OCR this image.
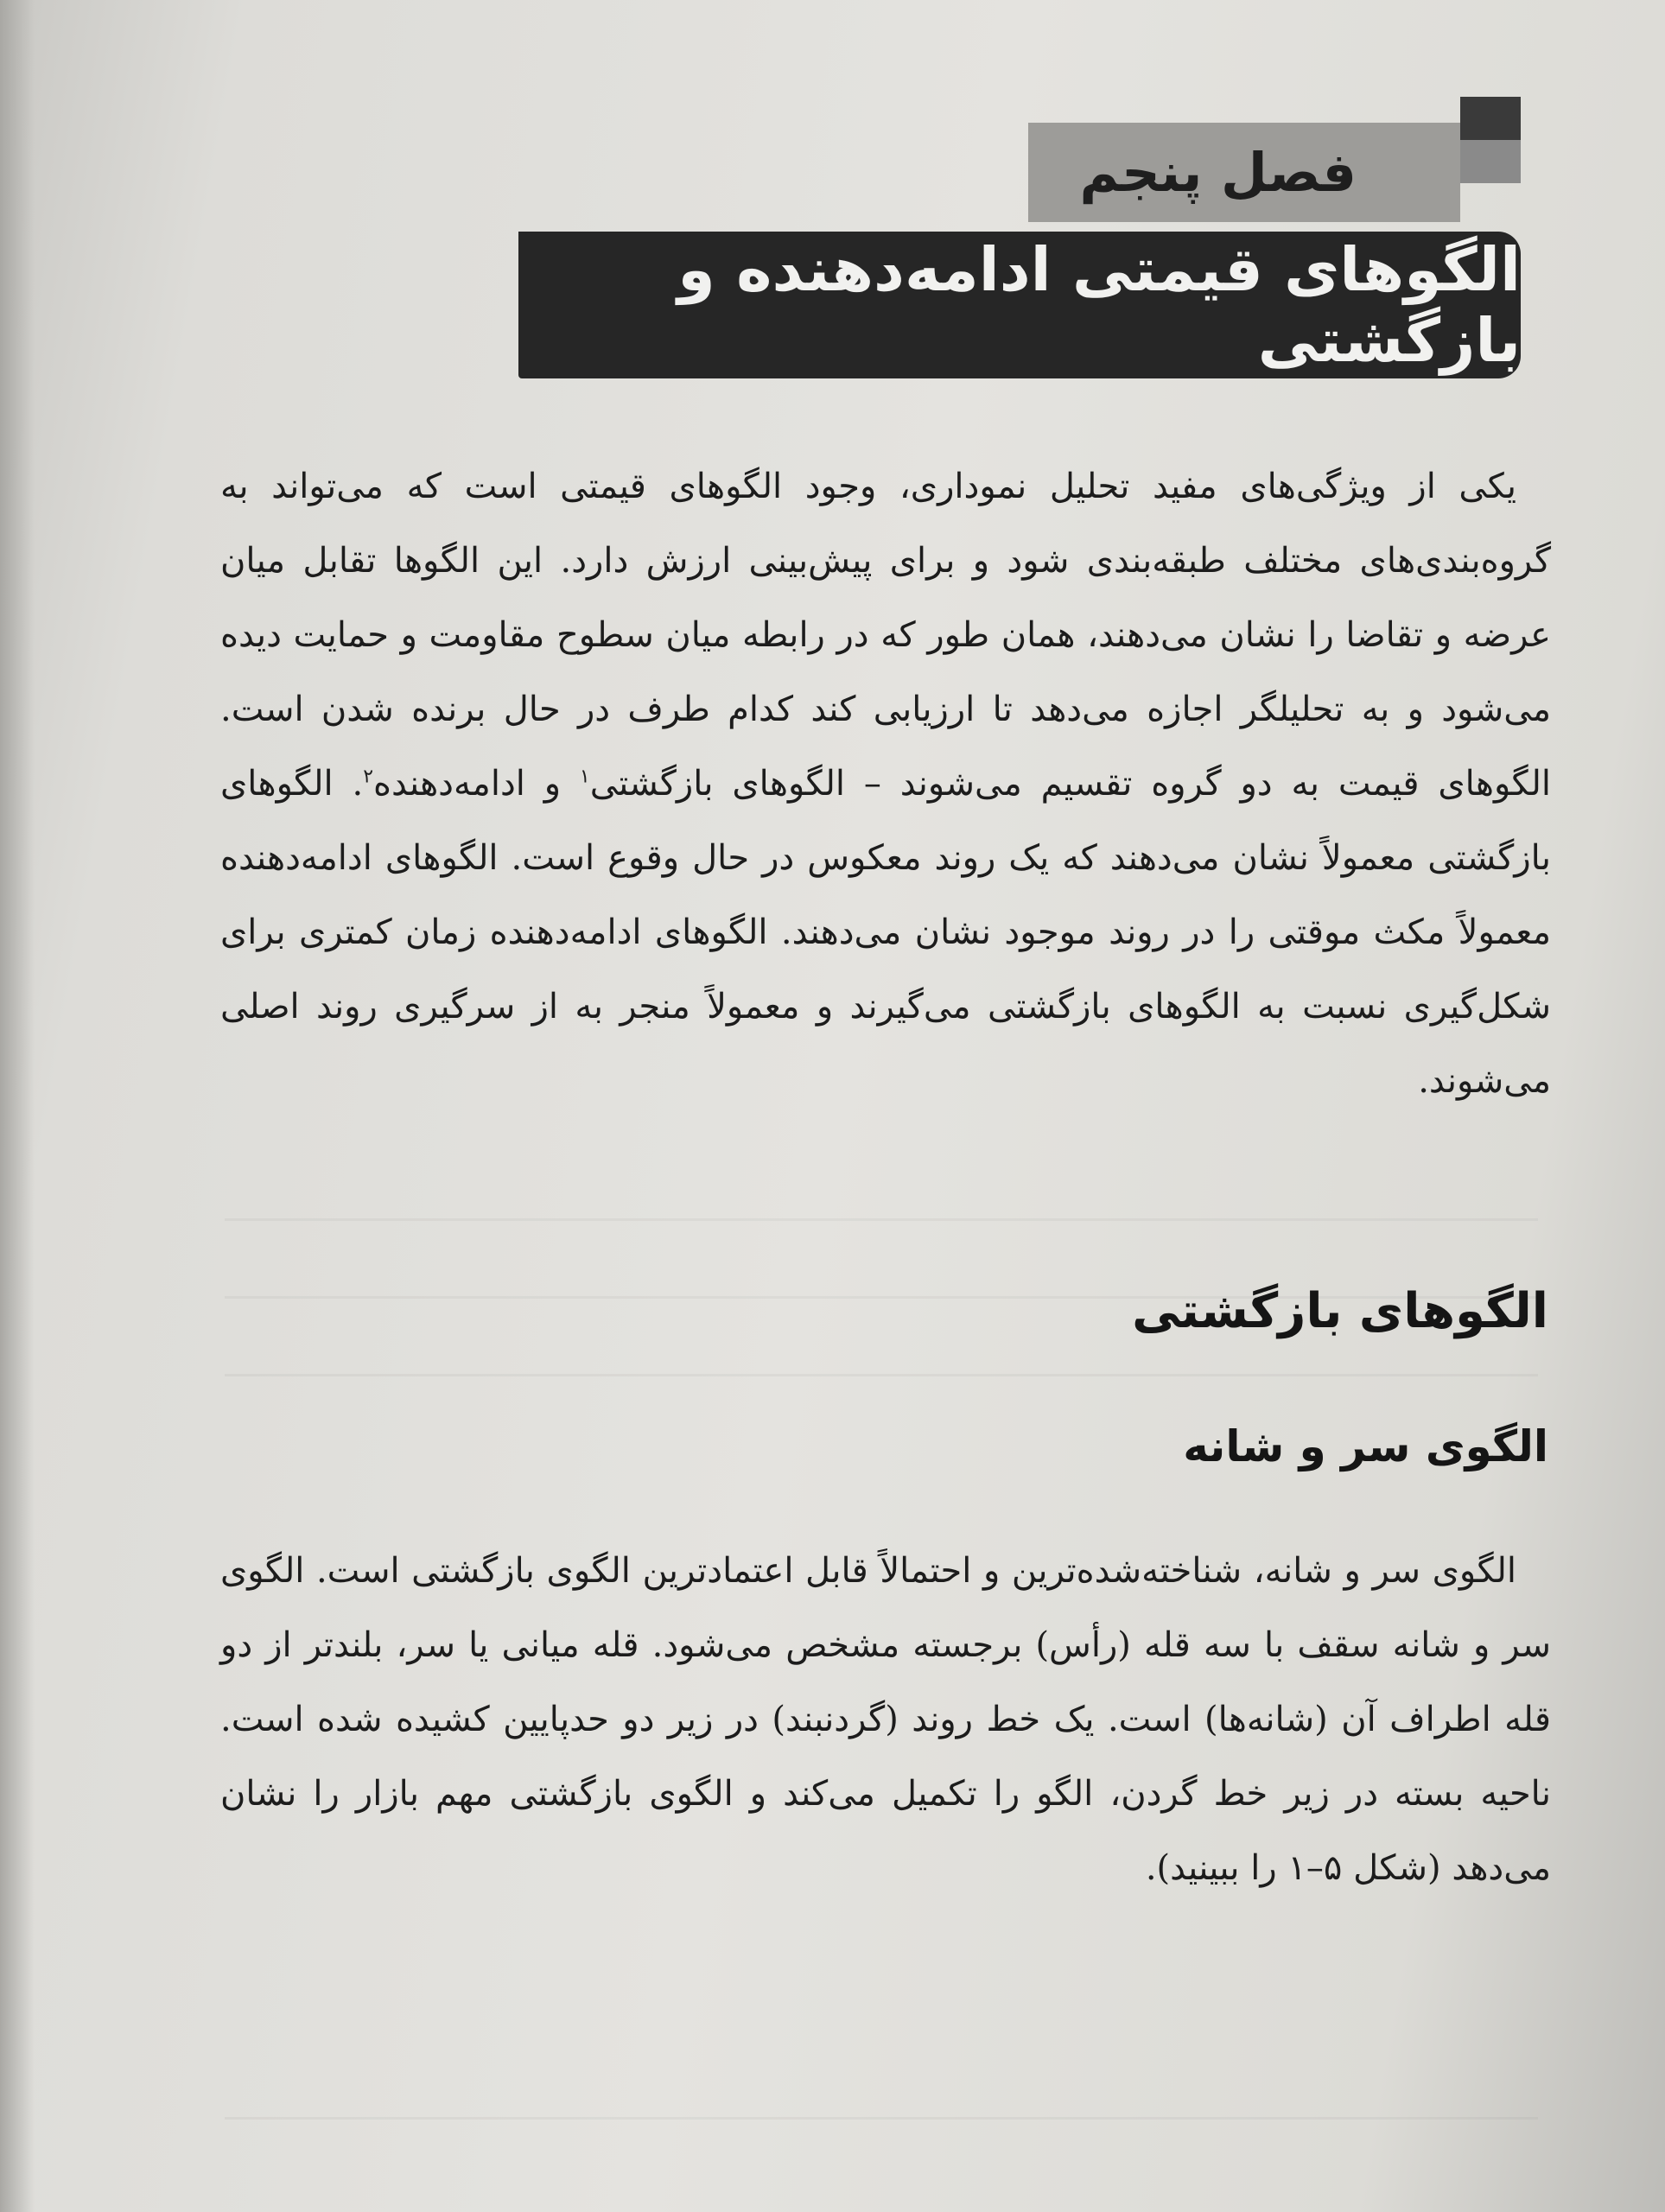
فصل پنجم
الگوهای قیمتی ادامه‌دهنده و بازگشتی

یکی از ویژگی‌های مفید تحلیل نموداری، وجود الگوهای قیمتی است که می‌تواند به گروه‌بندی‌های مختلف طبقه‌بندی شود و برای پیش‌بینی ارزش دارد. این الگوها تقابل میان عرضه و تقاضا را نشان می‌دهند، همان طور که در رابطه میان سطوح مقاومت و حمایت دیده می‌شود و به تحلیلگر اجازه می‌دهد تا ارزیابی کند کدام طرف در حال برنده شدن است. الگوهای قیمت به دو گروه تقسیم می‌شوند – الگوهای بازگشتی$^۱$ و ادامه‌دهنده$^۲$. الگوهای بازگشتی معمولاً نشان می‌دهند که یک روند معکوس در حال وقوع است. الگوهای ادامه‌دهنده معمولاً مکث موقتی را در روند موجود نشان می‌دهند. الگوهای ادامه‌دهنده زمان کمتری برای شکل‌گیری نسبت به الگوهای بازگشتی می‌گیرند و معمولاً منجر به از سرگیری روند اصلی می‌شوند.

الگوهای بازگشتی
الگوی سر و شانه

الگوی سر و شانه، شناخته‌شده‌ترین و احتمالاً قابل اعتمادترین الگوی بازگشتی است. الگوی سر و شانه سقف با سه قله (رأس) برجسته مشخص می‌شود. قله میانی یا سر، بلندتر از دو قله اطراف آن (شانه‌ها) است. یک خط روند (گردنبند) در زیر دو حدپایین کشیده شده است. ناحیه بسته در زیر خط گردن، الگو را تکمیل می‌کند و الگوی بازگشتی مهم بازار را نشان می‌دهد (شکل ۵–۱ را ببینید).
